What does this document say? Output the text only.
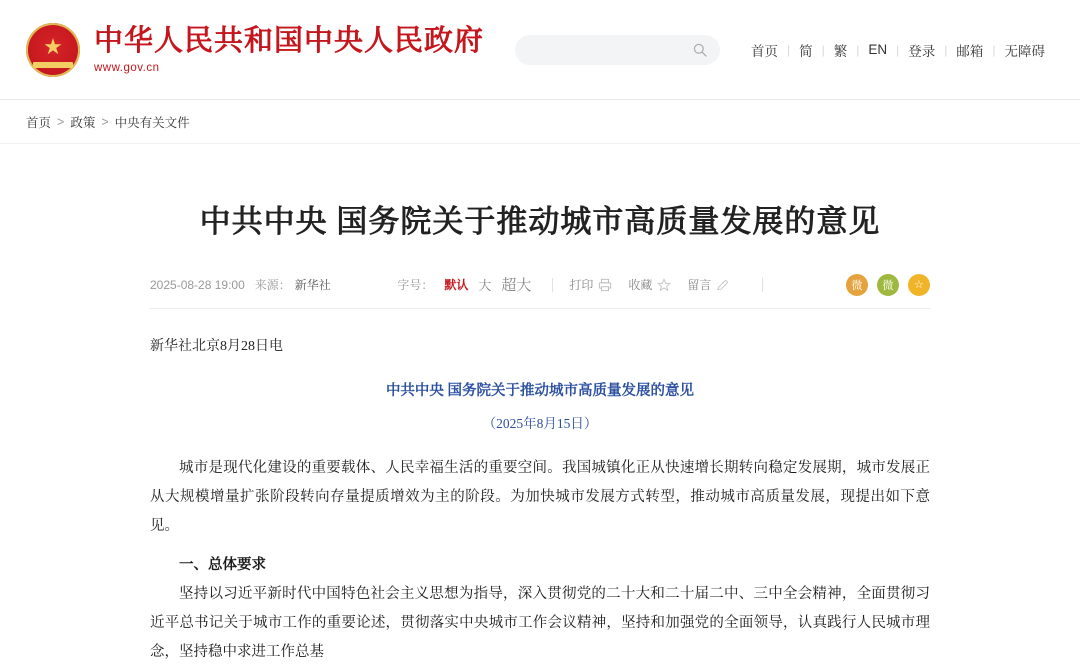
★
中华人民共和国中央人民政府
www.gov.cn
首页 | 简 | 繁 | EN | 登录 | 邮箱 | 无障碍
首页 > 政策 > 中央有关文件
中共中央 国务院关于推动城市高质量发展的意见
2025-08-28 19:00 来源： 新华社	字号： 默认 大 超大	打印	收藏	留言	微	微	☆
新华社北京8月28日电
中共中央 国务院关于推动城市高质量发展的意见
（2025年8月15日）

城市是现代化建设的重要载体、人民幸福生活的重要空间。我国城镇化正从快速增长期转向稳定发展期，城市发展正从大规模增量扩张阶段转向存量提质增效为主的阶段。为加快城市发展方式转型，推动城市高质量发展，现提出如下意见。

一、总体要求

坚持以习近平新时代中国特色社会主义思想为指导，深入贯彻党的二十大和二十届二中、三中全会精神，全面贯彻习近平总书记关于城市工作的重要论述，贯彻落实中央城市工作会议精神，坚持和加强党的全面领导，认真践行人民城市理念，坚持稳中求进工作总基
